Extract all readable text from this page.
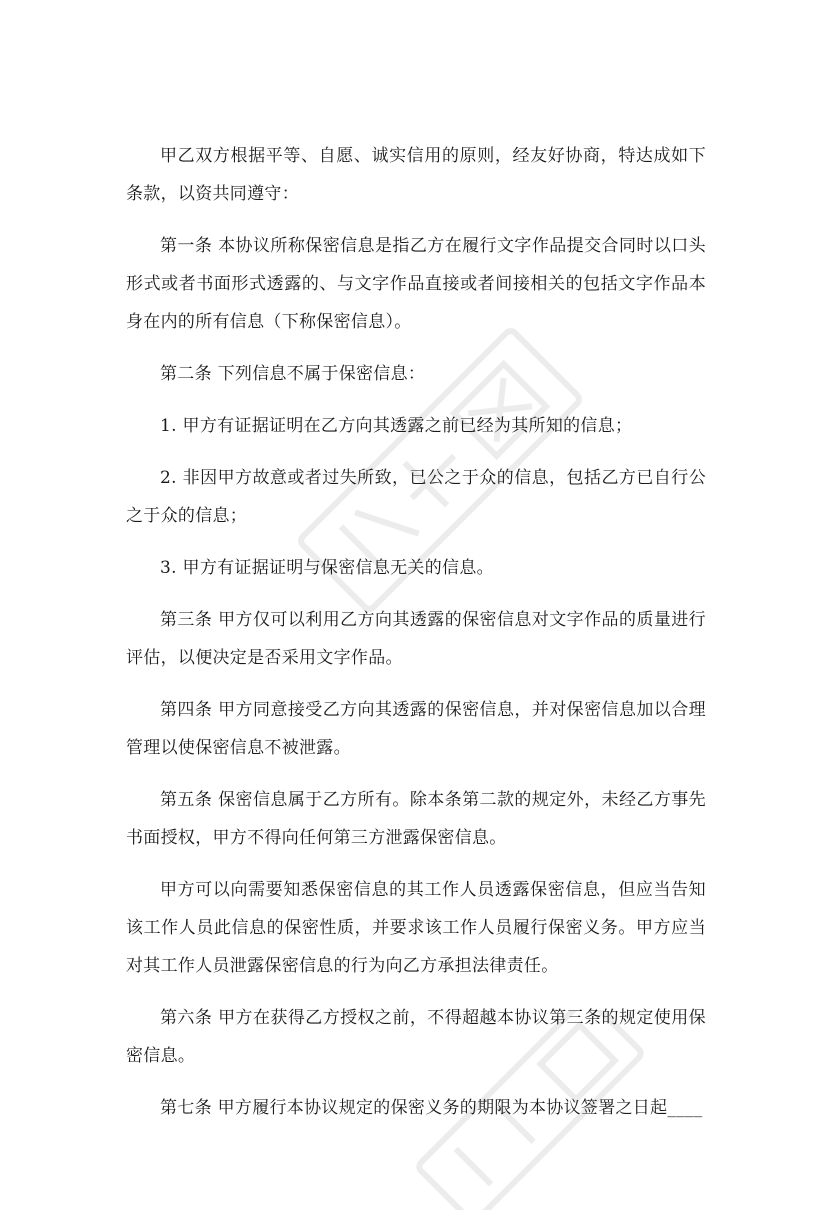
甲乙双方根据平等、自愿、诚实信用的原则，经友好协商，特达成如下条款，以资共同遵守：

第一条 本协议所称保密信息是指乙方在履行文字作品提交合同时以口头形式或者书面形式透露的、与文字作品直接或者间接相关的包括文字作品本身在内的所有信息（下称保密信息）。

第二条 下列信息不属于保密信息：

1. 甲方有证据证明在乙方向其透露之前已经为其所知的信息；

2. 非因甲方故意或者过失所致，已公之于众的信息，包括乙方已自行公之于众的信息；

3. 甲方有证据证明与保密信息无关的信息。

第三条 甲方仅可以利用乙方向其透露的保密信息对文字作品的质量进行评估，以便决定是否采用文字作品。

第四条 甲方同意接受乙方向其透露的保密信息，并对保密信息加以合理管理以使保密信息不被泄露。

第五条 保密信息属于乙方所有。除本条第二款的规定外，未经乙方事先书面授权，甲方不得向任何第三方泄露保密信息。

甲方可以向需要知悉保密信息的其工作人员透露保密信息，但应当告知该工作人员此信息的保密性质，并要求该工作人员履行保密义务。甲方应当对其工作人员泄露保密信息的行为向乙方承担法律责任。

第六条 甲方在获得乙方授权之前，不得超越本协议第三条的规定使用保密信息。

第七条 甲方履行本协议规定的保密义务的期限为本协议签署之日起____
